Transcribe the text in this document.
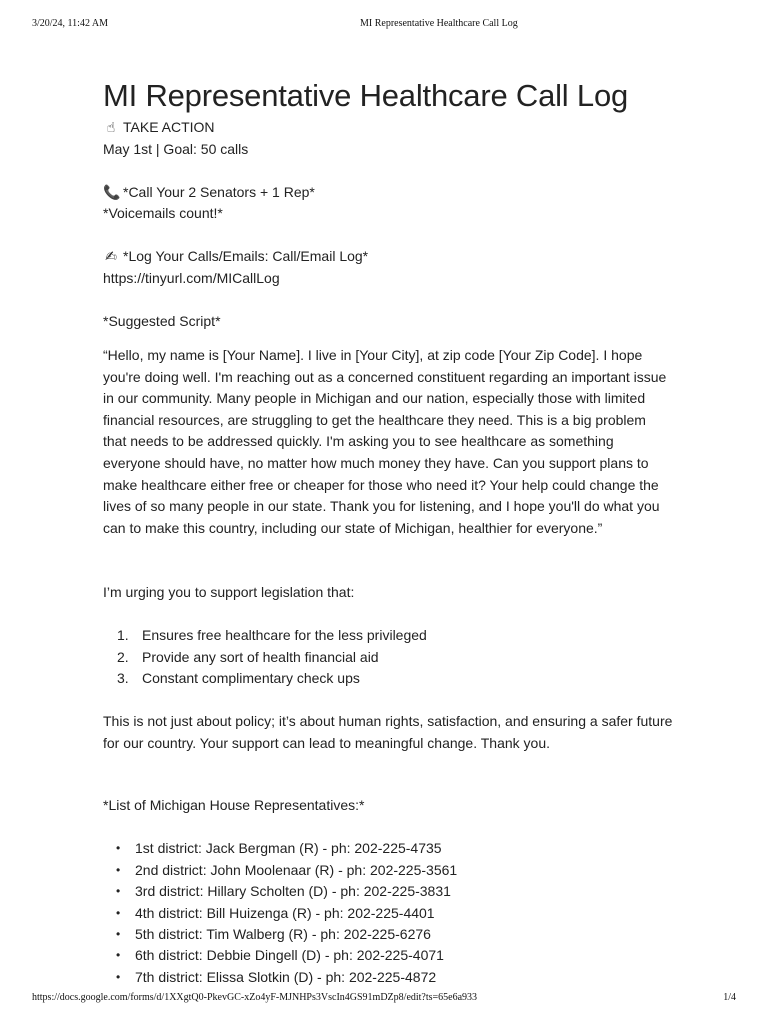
3/20/24, 11:42 AM	MI Representative Healthcare Call Log
MI Representative Healthcare Call Log

☝ TAKE ACTION

May 1st | Goal: 50 calls

📞 *Call Your 2 Senators + 1 Rep*

*Voicemails count!*

✍ *Log Your Calls/Emails: Call/Email Log*

https://tinyurl.com/MICallLog

*Suggested Script*

“Hello, my name is [Your Name]. I live in [Your City], at zip code [Your Zip Code]. I hope you're doing well. I'm reaching out as a concerned constituent regarding an important issue in our community. Many people in Michigan and our nation, especially those with limited financial resources, are struggling to get the healthcare they need. This is a big problem that needs to be addressed quickly. I'm asking you to see healthcare as something everyone should have, no matter how much money they have. Can you support plans to make healthcare either free or cheaper for those who need it? Your help could change the lives of so many people in our state. Thank you for listening, and I hope you'll do what you can to make this country, including our state of Michigan, healthier for everyone.”

I’m urging you to support legislation that:

1. Ensures free healthcare for the less privileged
2. Provide any sort of health financial aid
3. Constant complimentary check ups

This is not just about policy; it’s about human rights, satisfaction, and ensuring a safer future for our country. Your support can lead to meaningful change. Thank you.

*List of Michigan House Representatives:*

• 1st district: Jack Bergman (R) - ph: 202-225-4735
• 2nd district: John Moolenaar (R) - ph: 202-225-3561
• 3rd district: Hillary Scholten (D) - ph: 202-225-3831
• 4th district: Bill Huizenga (R) - ph: 202-225-4401
• 5th district: Tim Walberg (R) - ph: 202-225-6276
• 6th district: Debbie Dingell (D) - ph: 202-225-4071
• 7th district: Elissa Slotkin (D) - ph: 202-225-4872
https://docs.google.com/forms/d/1XXgtQ0-PkevGC-xZo4yF-MJNHPs3VscIn4GS91mDZp8/edit?ts=65e6a933	1/4
